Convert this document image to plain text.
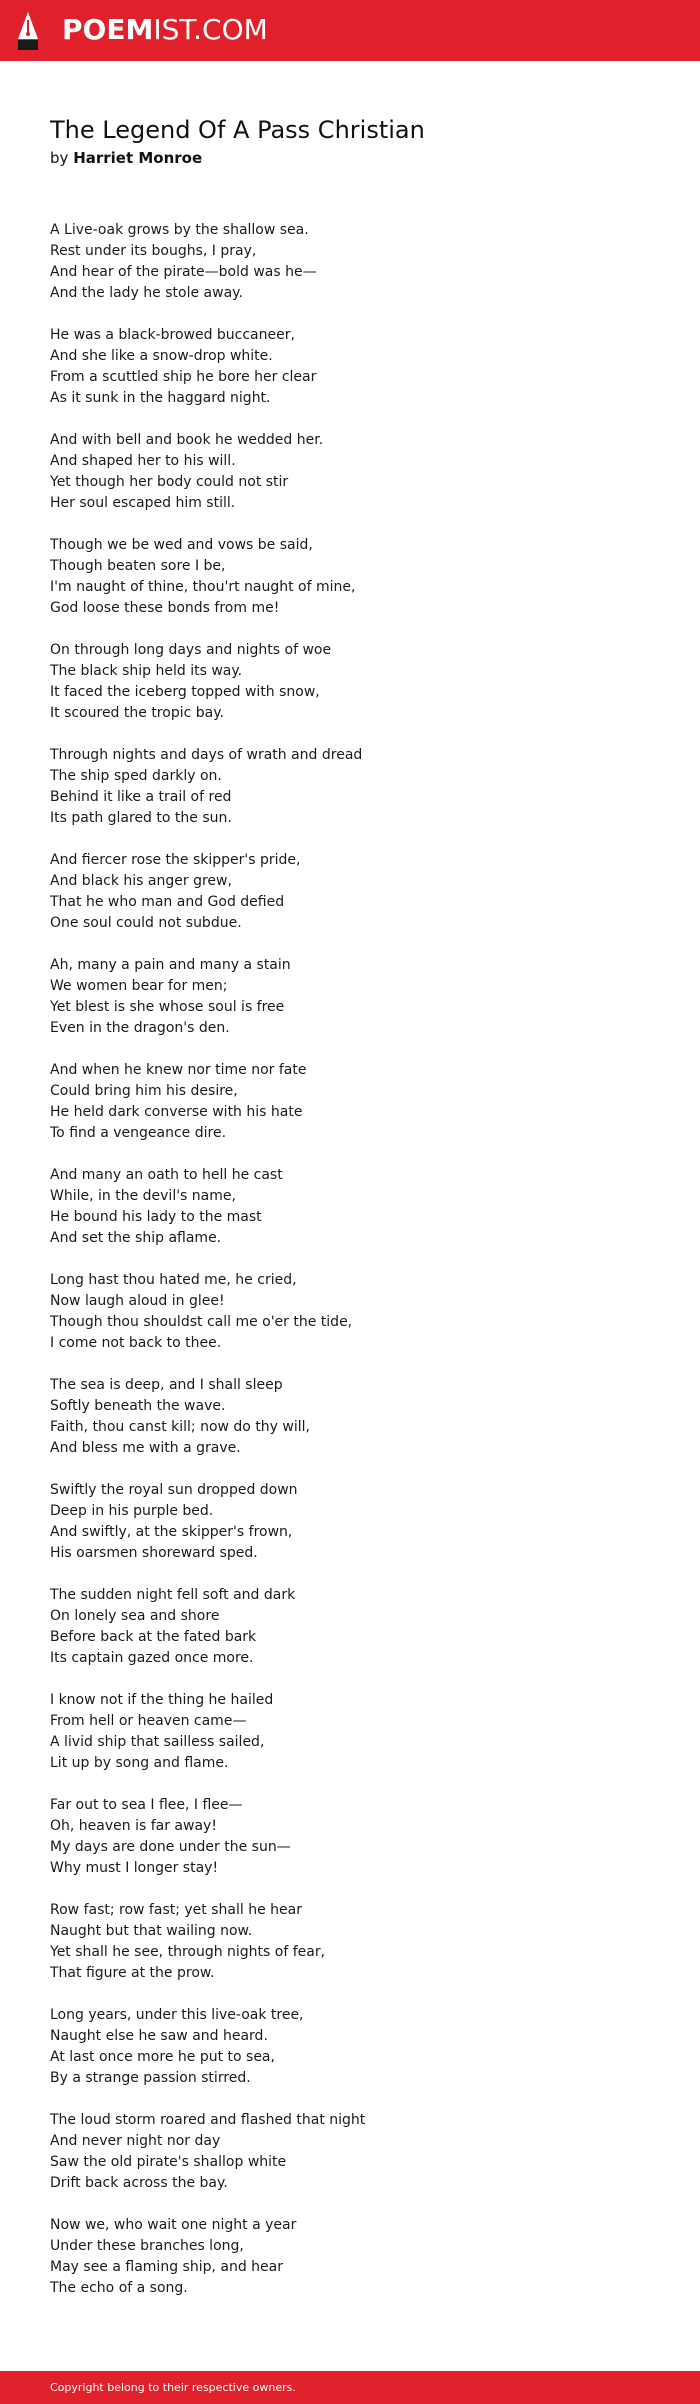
POEMIST.COM
The Legend Of A Pass Christian
by Harriet Monroe
A Live-oak grows by the shallow sea.
Rest under its boughs, I pray,
And hear of the pirate—bold was he—
And the lady he stole away.
He was a black-browed buccaneer,
And she like a snow-drop white.
From a scuttled ship he bore her clear
As it sunk in the haggard night.
And with bell and book he wedded her.
And shaped her to his will.
Yet though her body could not stir
Her soul escaped him still.
Though we be wed and vows be said,
Though beaten sore I be,
I'm naught of thine, thou'rt naught of mine,
God loose these bonds from me!
On through long days and nights of woe
The black ship held its way.
It faced the iceberg topped with snow,
It scoured the tropic bay.
Through nights and days of wrath and dread
The ship sped darkly on.
Behind it like a trail of red
Its path glared to the sun.
And fiercer rose the skipper's pride,
And black his anger grew,
That he who man and God defied
One soul could not subdue.
Ah, many a pain and many a stain
We women bear for men;
Yet blest is she whose soul is free
Even in the dragon's den.
And when he knew nor time nor fate
Could bring him his desire,
He held dark converse with his hate
To find a vengeance dire.
And many an oath to hell he cast
While, in the devil's name,
He bound his lady to the mast
And set the ship aflame.
Long hast thou hated me, he cried,
Now laugh aloud in glee!
Though thou shouldst call me o'er the tide,
I come not back to thee.
The sea is deep, and I shall sleep
Softly beneath the wave.
Faith, thou canst kill; now do thy will,
And bless me with a grave.
Swiftly the royal sun dropped down
Deep in his purple bed.
And swiftly, at the skipper's frown,
His oarsmen shoreward sped.
The sudden night fell soft and dark
On lonely sea and shore
Before back at the fated bark
Its captain gazed once more.
I know not if the thing he hailed
From hell or heaven came—
A livid ship that sailless sailed,
Lit up by song and flame.
Far out to sea I flee, I flee—
Oh, heaven is far away!
My days are done under the sun—
Why must I longer stay!
Row fast; row fast; yet shall he hear
Naught but that wailing now.
Yet shall he see, through nights of fear,
That figure at the prow.
Long years, under this live-oak tree,
Naught else he saw and heard.
At last once more he put to sea,
By a strange passion stirred.
The loud storm roared and flashed that night
And never night nor day
Saw the old pirate's shallop white
Drift back across the bay.
Now we, who wait one night a year
Under these branches long,
May see a flaming ship, and hear
The echo of a song.
Copyright belong to their respective owners.
